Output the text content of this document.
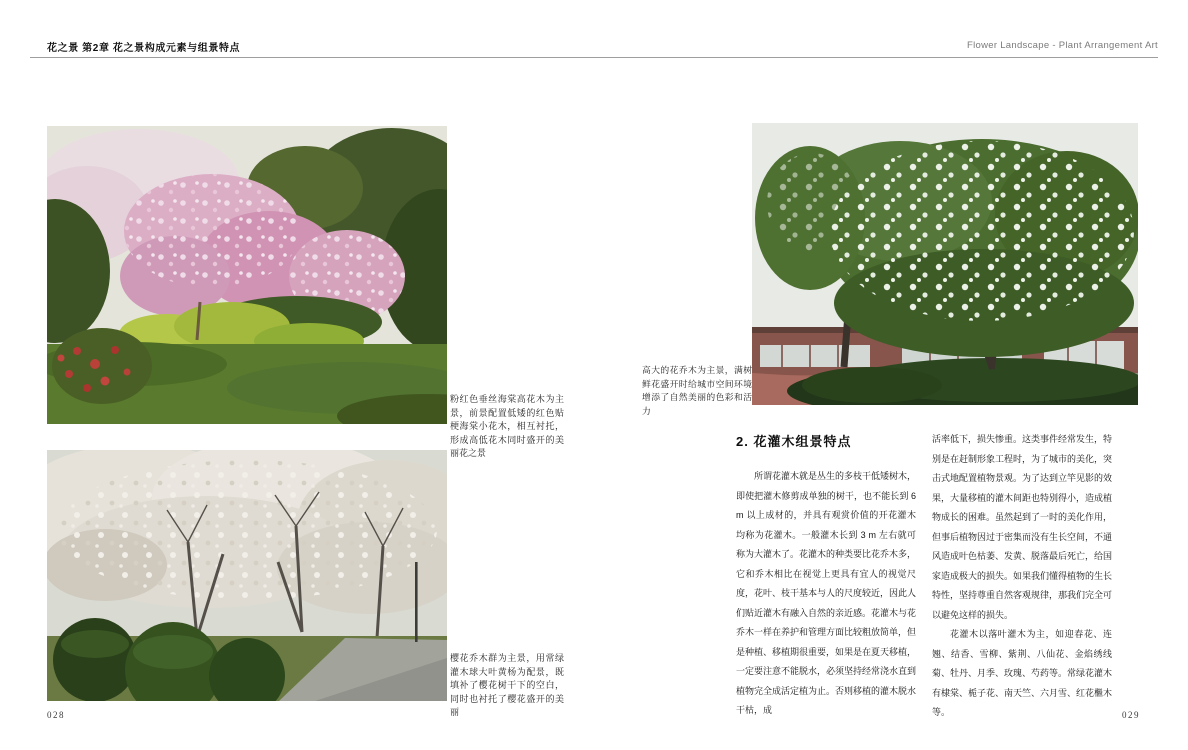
花之景 第2章 花之景构成元素与组景特点	Flower Landscape - Plant Arrangement Art
粉红色垂丝海棠高花木为主景，前景配置低矮的红色贴梗海棠小花木，相互衬托，形成高低花木同时盛开的美丽花之景
樱花乔木群为主景，用常绿灌木球大叶黄杨为配景，既填补了樱花树干下的空白，同时也衬托了樱花盛开的美丽
028
高大的花乔木为主景，满树鲜花盛开时给城市空间环境增添了自然美丽的色彩和活力
2. 花灌木组景特点

所谓花灌木就是丛生的多枝干低矮树木，即使把灌木修剪成单独的树干，也不能长到 6 m 以上成材的，并具有观赏价值的开花灌木均称为花灌木。一般灌木长到 3 m 左右就可称为大灌木了。花灌木的种类要比花乔木多，它和乔木相比在视觉上更具有宜人的视觉尺度，花叶、枝干基本与人的尺度较近，因此人们贴近灌木有融入自然的亲近感。花灌木与花乔木一样在养护和管理方面比较粗放简单，但是种植、移植期很重要，如果是在夏天移植，一定要注意不能脱水，必须坚持经常浇水直到植物完全成活定植为止。否则移植的灌木脱水干枯，成

活率低下，损失惨重。这类事件经常发生，特别是在赶制形象工程时，为了城市的美化，突击式地配置植物景观。为了达到立竿见影的效果，大量移植的灌木间距也特别得小，造成植物成长的困难。虽然起到了一时的美化作用，但事后植物因过于密集而没有生长空间，不通风造成叶色枯萎、发黄、脱落最后死亡，给国家造成极大的损失。如果我们懂得植物的生长特性，坚持尊重自然客观规律，那我们完全可以避免这样的损失。

花灌木以落叶灌木为主，如迎春花、连翘、结香、雪柳、紫荆、八仙花、金焰绣线菊、牡丹、月季、玫瑰、芍药等。常绿花灌木有棣棠、栀子花、南天竺、六月雪、红花檵木等。	029
